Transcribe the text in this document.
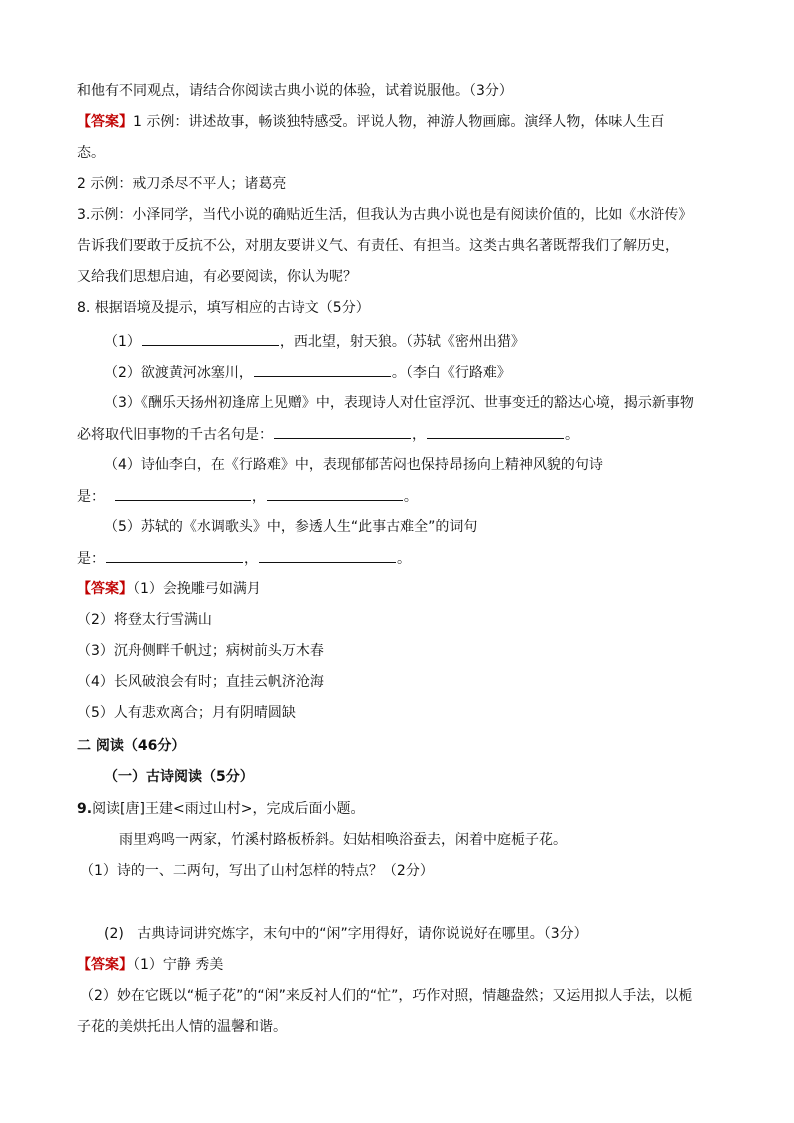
和他有不同观点，请结合你阅读古典小说的体验，试着说服他。（3分）
【答案】1 示例：讲述故事，畅谈独特感受。评说人物，神游人物画廊。演绎人物，体味人生百
态。
2 示例：戒刀杀尽不平人；诸葛亮
3.示例：小泽同学，当代小说的确贴近生活，但我认为古典小说也是有阅读价值的，比如《水浒传》
告诉我们要敢于反抗不公，对朋友要讲义气、有责任、有担当。这类古典名著既帮我们了解历史，
又给我们思想启迪，有必要阅读，你认为呢？
8. 根据语境及提示，填写相应的古诗文（5分）
（1）	，西北望，射天狼。（苏轼《密州出猎》
（2）欲渡黄河冰塞川，	。（李白《行路难》
（3）《酬乐天扬州初逢席上见赠》中，表现诗人对仕宦浮沉、世事变迁的豁达心境，揭示新事物
必将取代旧事物的千古名句是：	，	。
（4）诗仙李白，在《行路难》中，表现郁郁苦闷也保持昂扬向上精神风貌的句诗
是：	，	。
（5）苏轼的《水调歌头》中，参透人生“此事古难全”的词句
是：	，	。
【答案】（1）会挽雕弓如满月
（2）将登太行雪满山
（3）沉舟侧畔千帆过；病树前头万木春
（4）长风破浪会有时；直挂云帆济沧海
（5）人有悲欢离合；月有阴晴圆缺
二 阅读（46分）
（一）古诗阅读（5分）
9.阅读[唐]王建<雨过山村>，完成后面小题。
雨里鸡鸣一两家，竹溪村路板桥斜。妇姑相唤浴蚕去，闲着中庭栀子花。
（1）诗的一、二两句，写出了山村怎样的特点？（2分）
(2) 古典诗词讲究炼字，末句中的“闲”字用得好，请你说说好在哪里。（3分）
【答案】（1）宁静 秀美
（2）妙在它既以“栀子花”的“闲”来反衬人们的“忙”，巧作对照，情趣盎然；又运用拟人手法，以栀
子花的美烘托出人情的温馨和谐。
